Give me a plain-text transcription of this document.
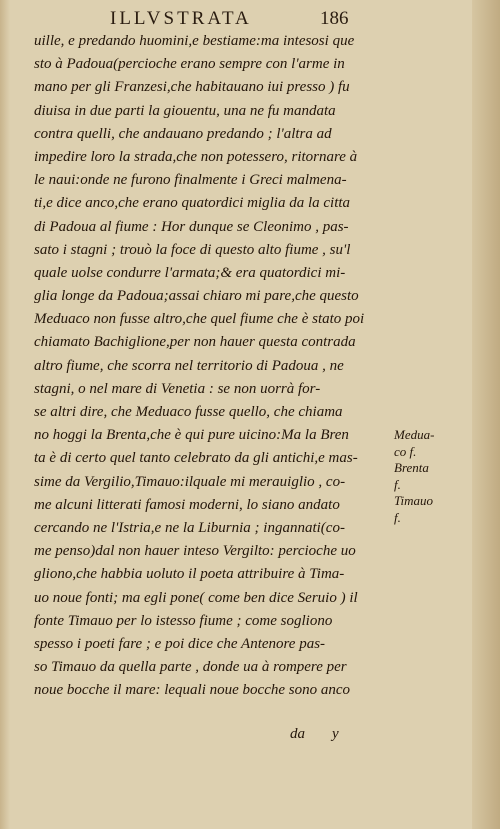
ILLVSTRATA	186
uille, e predando huomini,e bestiame:ma intesosi que
sto à Padoua(percioche erano sempre con l'arme in
mano per gli Franzesi,che habitauano iui presso ) fu
diuisa in due parti la giouentu, una ne fu mandata
contra quelli, che andauano predando ; l'altra ad
impedire loro la strada,che non potessero, ritornare à
le naui:onde ne furono finalmente i Greci malmena-
ti,e dice anco,che erano quatordici miglia da la citta
di Padoua al fiume : Hor dunque se Cleonimo , pas-
sato i stagni ; trouò la foce di questo alto fiume , su'l
quale uolse condurre l'armata;& era quatordici mi-
glia longe da Padoua;assai chiaro mi pare,che questo
Meduaco non fusse altro,che quel fiume che è stato poi
chiamato Bachiglione,per non hauer questa contrada
altro fiume, che scorra nel territorio di Padoua , ne
stagni, o nel mare di Venetia : se non uorrà for-
se altri dire, che Meduaco fusse quello, che chiama
no hoggi la Brenta,che è qui pure uicino:Ma la Bren
ta è di certo quel tanto celebrato da gli antichi,e mas-
sime da Vergilio,Timauo:ilquale mi merauiglio , co-
me alcuni litterati famosi moderni, lo siano andato
cercando ne l'Istria,e ne la Liburnia ; ingannati(co-
me penso)dal non hauer inteso Vergilto: percioche uo
gliono,che habbia uoluto il poeta attribuire à Tima-
uo noue fonti; ma egli pone( come ben dice Seruio ) il
fonte Timauo per lo istesso fiume ; come sogliono
spesso i poeti fare ; e poi dice che Antenore pas-
so Timauo da quella parte , donde ua à rompere per
noue bocche il mare: lequali noue bocche sono anco
Medua-
co f.
Brenta
f.
Timauo
f.
da y
